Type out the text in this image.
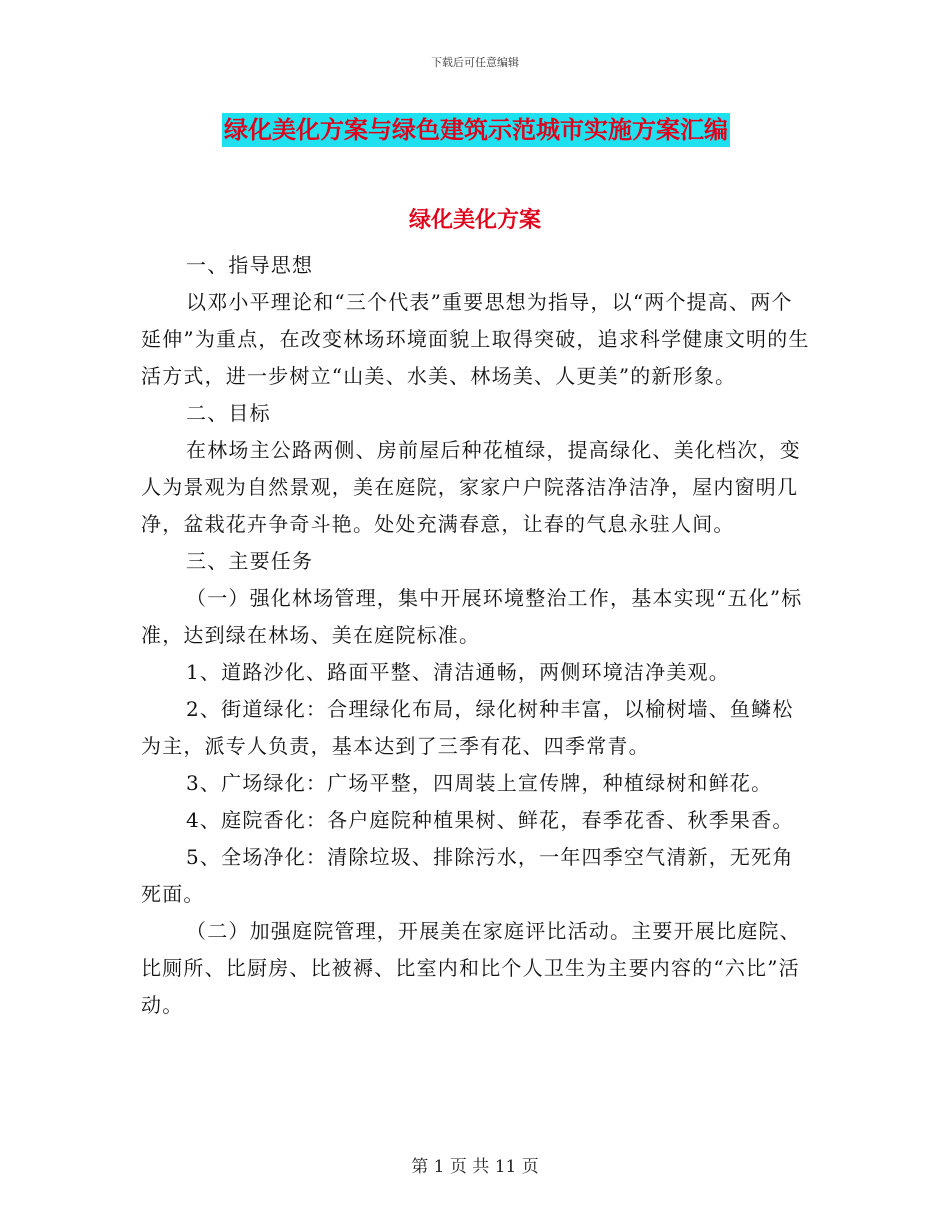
下载后可任意编辑
绿化美化方案与绿色建筑示范城市实施方案汇编
绿化美化方案

一、指导思想

以邓小平理论和“三个代表”重要思想为指导，以“两个提高、两个延伸”为重点，在改变林场环境面貌上取得突破，追求科学健康文明的生活方式，进一步树立“山美、水美、林场美、人更美”的新形象。

二、目标

在林场主公路两侧、房前屋后种花植绿，提高绿化、美化档次，变人为景观为自然景观，美在庭院，家家户户院落洁净洁净，屋内窗明几净，盆栽花卉争奇斗艳。处处充满春意，让春的气息永驻人间。

三、主要任务

（一）强化林场管理，集中开展环境整治工作，基本实现“五化”标准，达到绿在林场、美在庭院标准。

1、道路沙化、路面平整、清洁通畅，两侧环境洁净美观。

2、街道绿化：合理绿化布局，绿化树种丰富，以榆树墙、鱼鳞松为主，派专人负责，基本达到了三季有花、四季常青。

3、广场绿化：广场平整，四周装上宣传牌，种植绿树和鲜花。

4、庭院香化：各户庭院种植果树、鲜花，春季花香、秋季果香。

5、全场净化：清除垃圾、排除污水，一年四季空气清新，无死角死面。

（二）加强庭院管理，开展美在家庭评比活动。主要开展比庭院、比厕所、比厨房、比被褥、比室内和比个人卫生为主要内容的“六比”活动。

第 1 页 共 11 页
